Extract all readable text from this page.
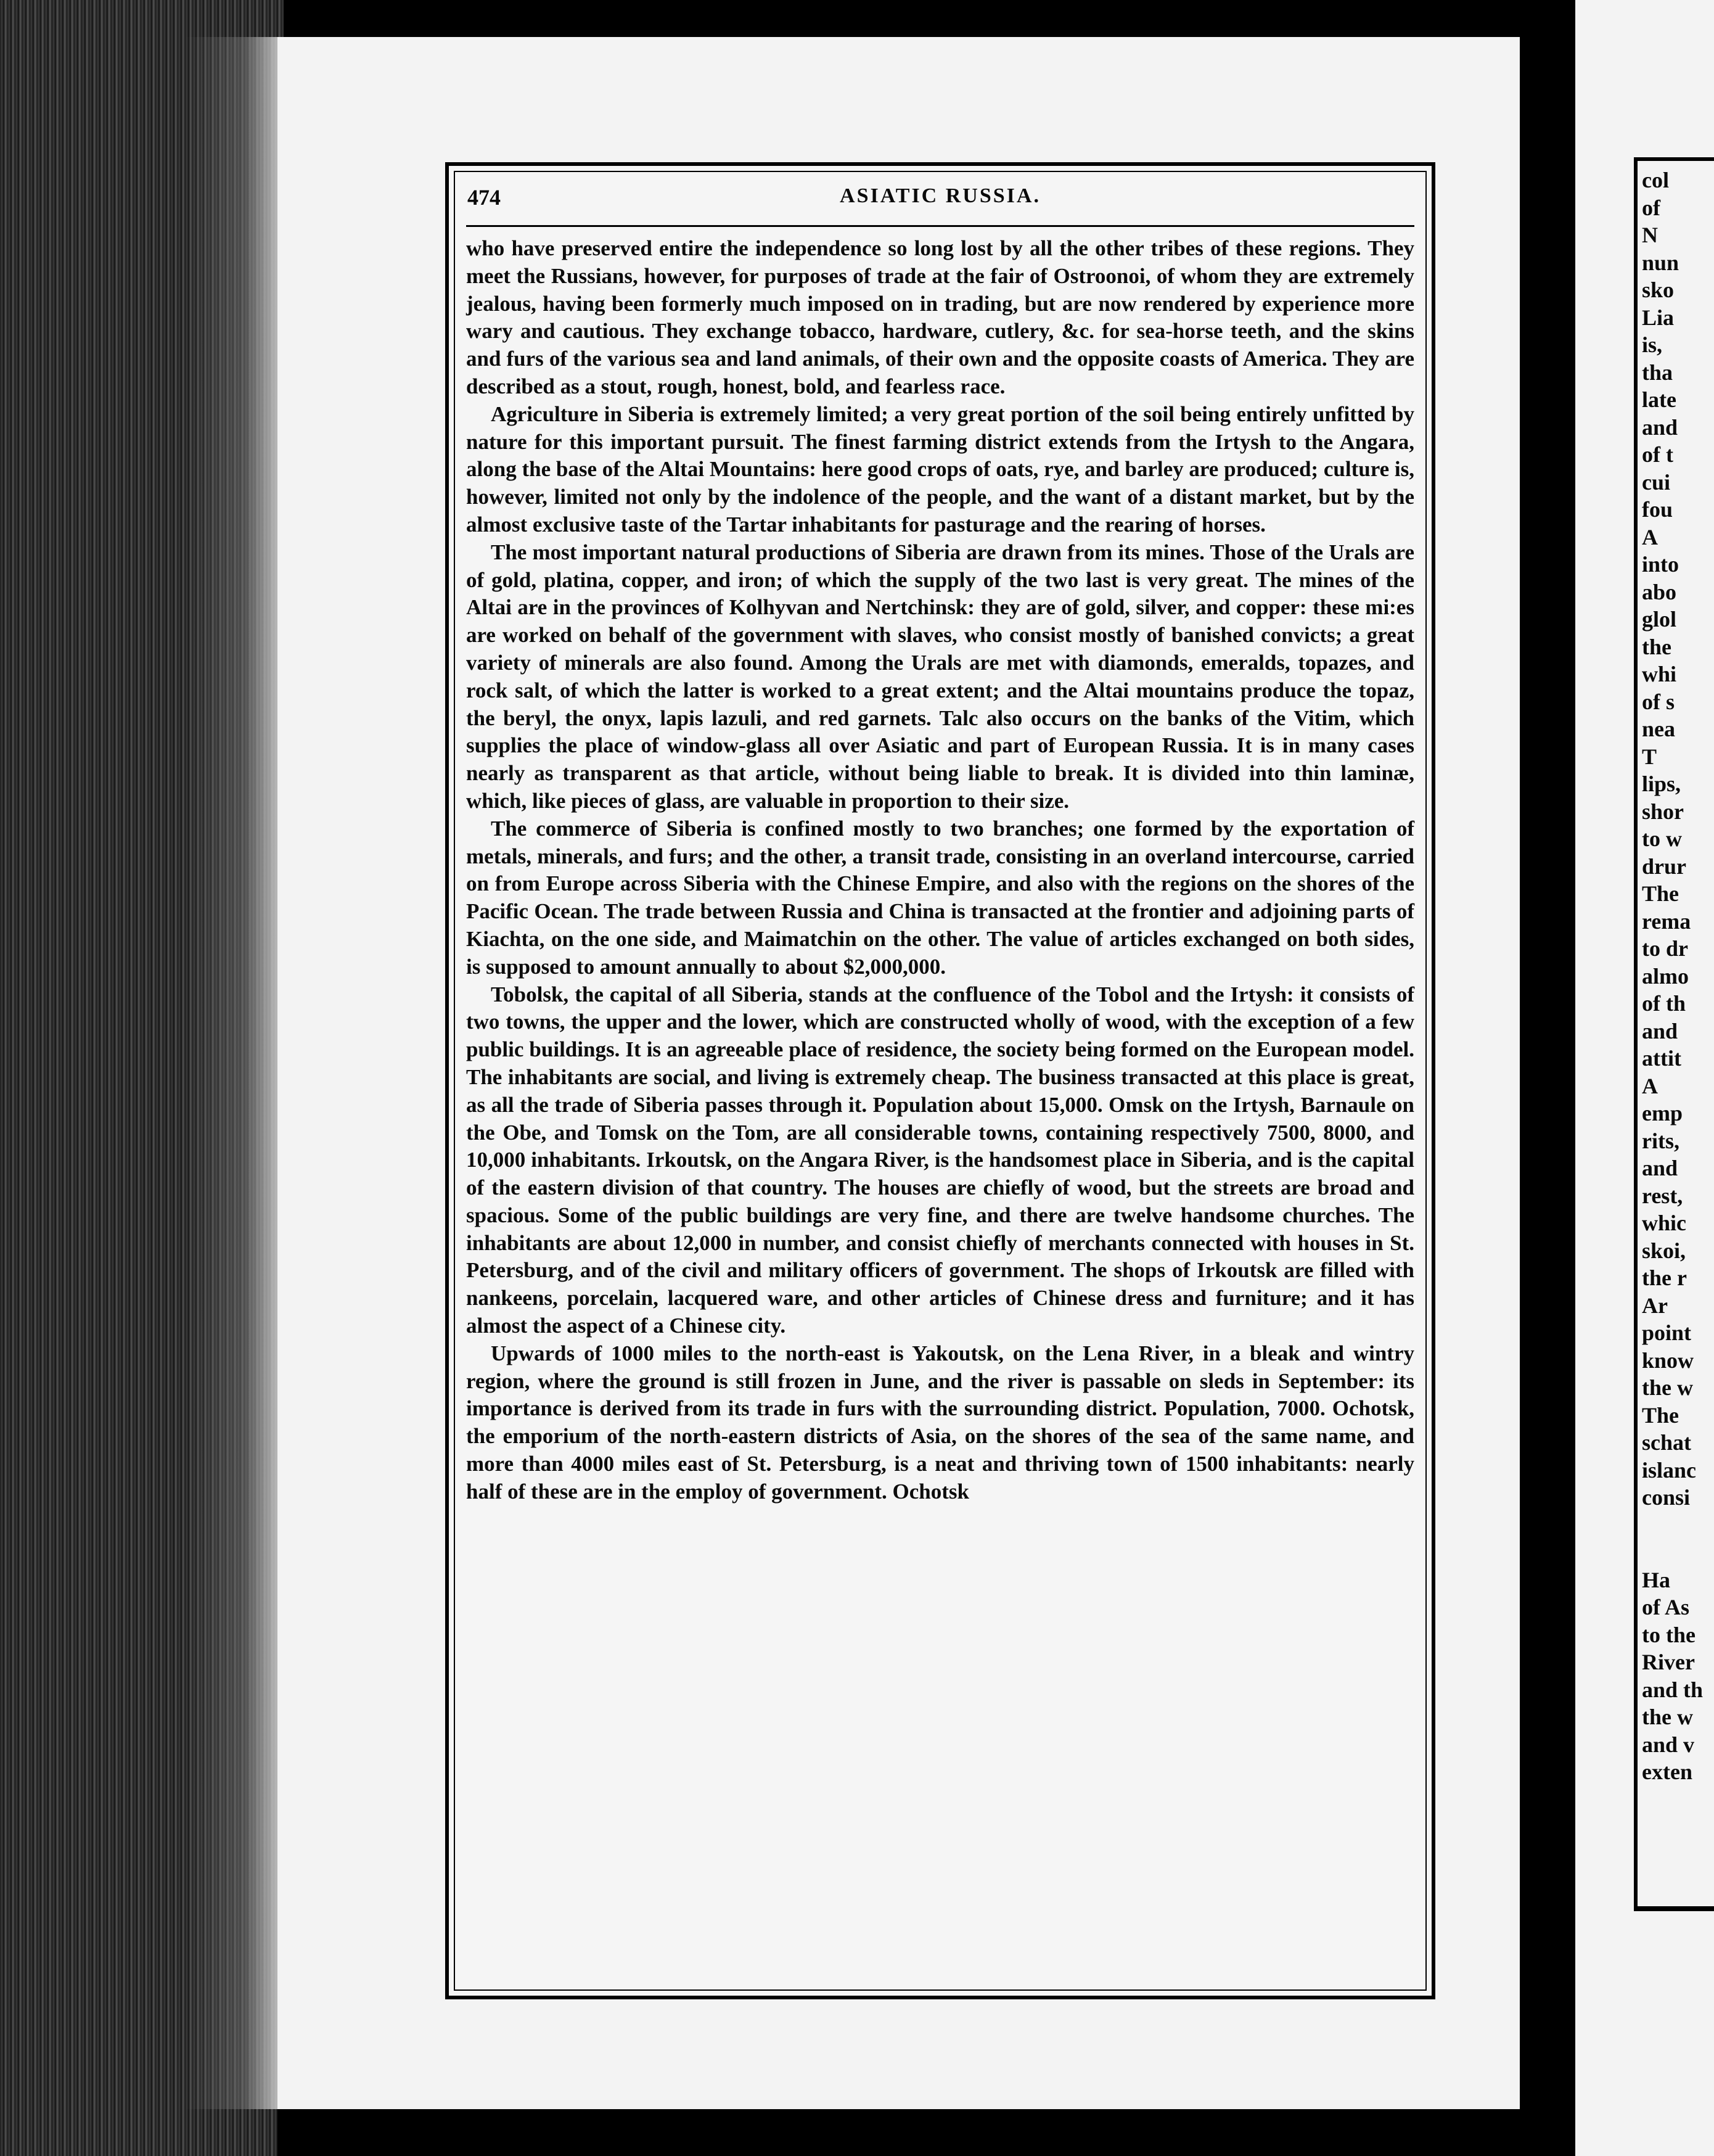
474	ASIATIC RUSSIA.

who have preserved entire the independence so long lost by all the other tribes of these regions. They meet the Russians, however, for purposes of trade at the fair of Ostroonoi, of whom they are extremely jealous, having been formerly much imposed on in trading, but are now rendered by experience more wary and cautious. They exchange tobacco, hardware, cutlery, &c. for sea-horse teeth, and the skins and furs of the various sea and land animals, of their own and the opposite coasts of America. They are described as a stout, rough, honest, bold, and fearless race.

Agriculture in Siberia is extremely limited; a very great portion of the soil being entirely unfitted by nature for this important pursuit. The finest farming district extends from the Irtysh to the Angara, along the base of the Altai Mountains: here good crops of oats, rye, and barley are produced; culture is, however, limited not only by the indolence of the people, and the want of a distant market, but by the almost exclusive taste of the Tartar inhabitants for pasturage and the rearing of horses.

The most important natural productions of Siberia are drawn from its mines. Those of the Urals are of gold, platina, copper, and iron; of which the supply of the two last is very great. The mines of the Altai are in the provinces of Kolhyvan and Nertchinsk: they are of gold, silver, and copper: these mi:es are worked on behalf of the government with slaves, who consist mostly of banished convicts; a great variety of minerals are also found. Among the Urals are met with diamonds, emeralds, topazes, and rock salt, of which the latter is worked to a great extent; and the Altai mountains produce the topaz, the beryl, the onyx, lapis lazuli, and red garnets. Talc also occurs on the banks of the Vitim, which supplies the place of window-glass all over Asiatic and part of European Russia. It is in many cases nearly as transparent as that article, without being liable to break. It is divided into thin laminæ, which, like pieces of glass, are valuable in proportion to their size.

The commerce of Siberia is confined mostly to two branches; one formed by the exportation of metals, minerals, and furs; and the other, a transit trade, consisting in an overland intercourse, carried on from Europe across Siberia with the Chinese Empire, and also with the regions on the shores of the Pacific Ocean. The trade between Russia and China is transacted at the frontier and adjoining parts of Kiachta, on the one side, and Maimatchin on the other. The value of articles exchanged on both sides, is supposed to amount annually to about $2,000,000.

Tobolsk, the capital of all Siberia, stands at the confluence of the Tobol and the Irtysh: it consists of two towns, the upper and the lower, which are constructed wholly of wood, with the exception of a few public buildings. It is an agreeable place of residence, the society being formed on the European model. The inhabitants are social, and living is extremely cheap. The business transacted at this place is great, as all the trade of Siberia passes through it. Population about 15,000. Omsk on the Irtysh, Barnaule on the Obe, and Tomsk on the Tom, are all considerable towns, containing respectively 7500, 8000, and 10,000 inhabitants. Irkoutsk, on the Angara River, is the handsomest place in Siberia, and is the capital of the eastern division of that country. The houses are chiefly of wood, but the streets are broad and spacious. Some of the public buildings are very fine, and there are twelve handsome churches. The inhabitants are about 12,000 in number, and consist chiefly of merchants connected with houses in St. Petersburg, and of the civil and military officers of government. The shops of Irkoutsk are filled with nankeens, porcelain, lacquered ware, and other articles of Chinese dress and furniture; and it has almost the aspect of a Chinese city.

Upwards of 1000 miles to the north-east is Yakoutsk, on the Lena River, in a bleak and wintry region, where the ground is still frozen in June, and the river is passable on sleds in September: its importance is derived from its trade in furs with the surrounding district. Population, 7000. Ochotsk, the emporium of the north-eastern districts of Asia, on the shores of the sea of the same name, and more than 4000 miles east of St. Petersburg, is a neat and thriving town of 1500 inhabitants: nearly half of these are in the employ of government. Ochotsk

col
of
N
nun
sko
Lia
is,
tha
late
and
of t
cui
fou
A
into
abo
glol
the
whi
of s
nea
T
lips,
shor
to w
drur
The
rema
to dr
almo
of th
and
attit
A
emp
rits,
and
rest,
whic
skoi,
the r
Ar
point
know
the w
The
schat
islanc
consi

Ha
of As
to the
River
and th
the w
and v
exten
